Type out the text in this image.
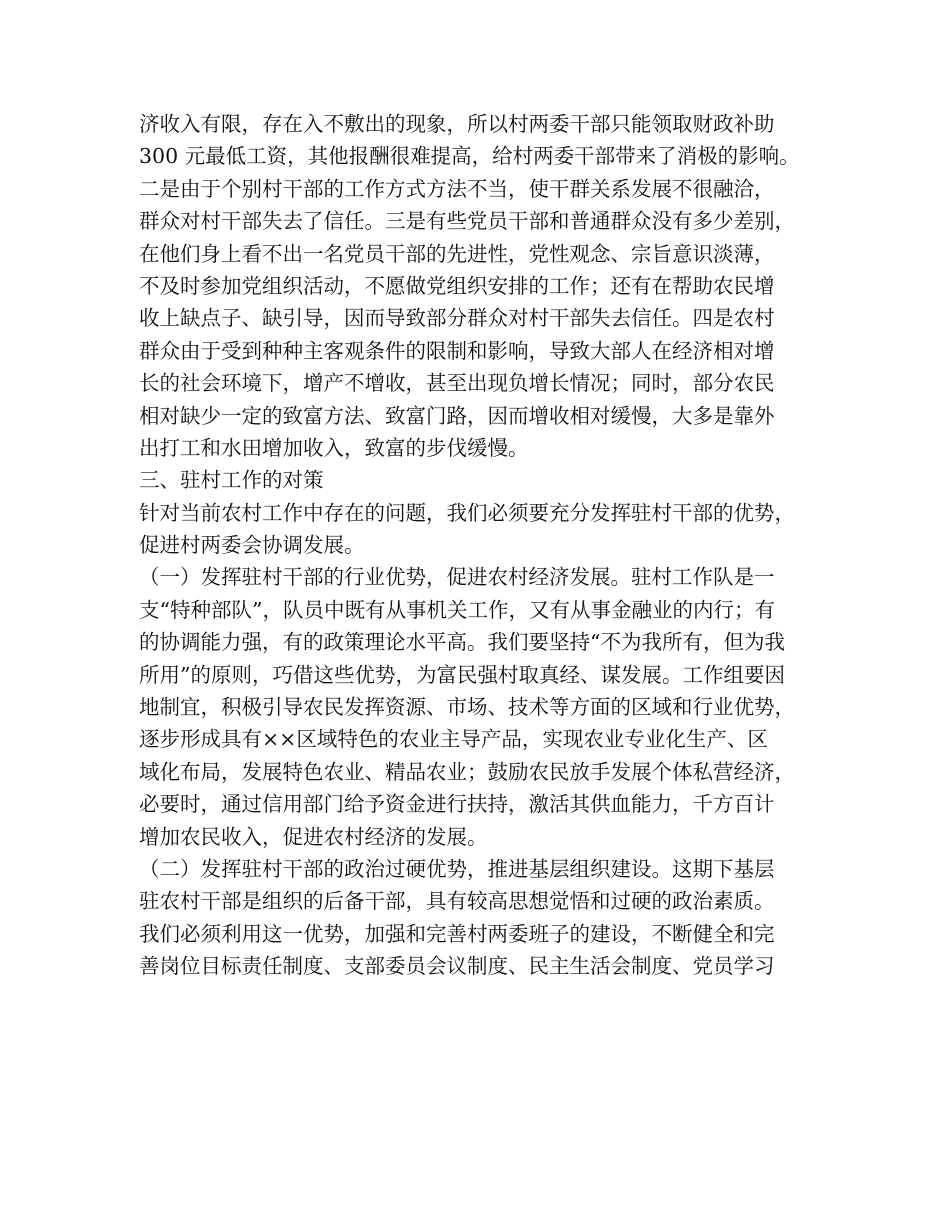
济收入有限，存在入不敷出的现象，所以村两委干部只能领取财政补助
300 元最低工资，其他报酬很难提高，给村两委干部带来了消极的影响。
二是由于个别村干部的工作方式方法不当，使干群关系发展不很融洽，
群众对村干部失去了信任。三是有些党员干部和普通群众没有多少差别，
在他们身上看不出一名党员干部的先进性，党性观念、宗旨意识淡薄，
不及时参加党组织活动，不愿做党组织安排的工作；还有在帮助农民增
收上缺点子、缺引导，因而导致部分群众对村干部失去信任。四是农村
群众由于受到种种主客观条件的限制和影响，导致大部人在经济相对增
长的社会环境下，增产不增收，甚至出现负增长情况；同时，部分农民
相对缺少一定的致富方法、致富门路，因而增收相对缓慢，大多是靠外
出打工和水田增加收入，致富的步伐缓慢。
三、驻村工作的对策
针对当前农村工作中存在的问题，我们必须要充分发挥驻村干部的优势，
促进村两委会协调发展。
（一）发挥驻村干部的行业优势，促进农村经济发展。驻村工作队是一
支“特种部队”，队员中既有从事机关工作，又有从事金融业的内行；有
的协调能力强，有的政策理论水平高。我们要坚持“不为我所有，但为我
所用”的原则，巧借这些优势，为富民强村取真经、谋发展。工作组要因
地制宜，积极引导农民发挥资源、市场、技术等方面的区域和行业优势，
逐步形成具有××区域特色的农业主导产品，实现农业专业化生产、区
域化布局，发展特色农业、精品农业；鼓励农民放手发展个体私营经济，
必要时，通过信用部门给予资金进行扶持，激活其供血能力，千方百计
增加农民收入，促进农村经济的发展。
（二）发挥驻村干部的政治过硬优势，推进基层组织建设。这期下基层
驻农村干部是组织的后备干部，具有较高思想觉悟和过硬的政治素质。
我们必须利用这一优势，加强和完善村两委班子的建设，不断健全和完
善岗位目标责任制度、支部委员会议制度、民主生活会制度、党员学习
